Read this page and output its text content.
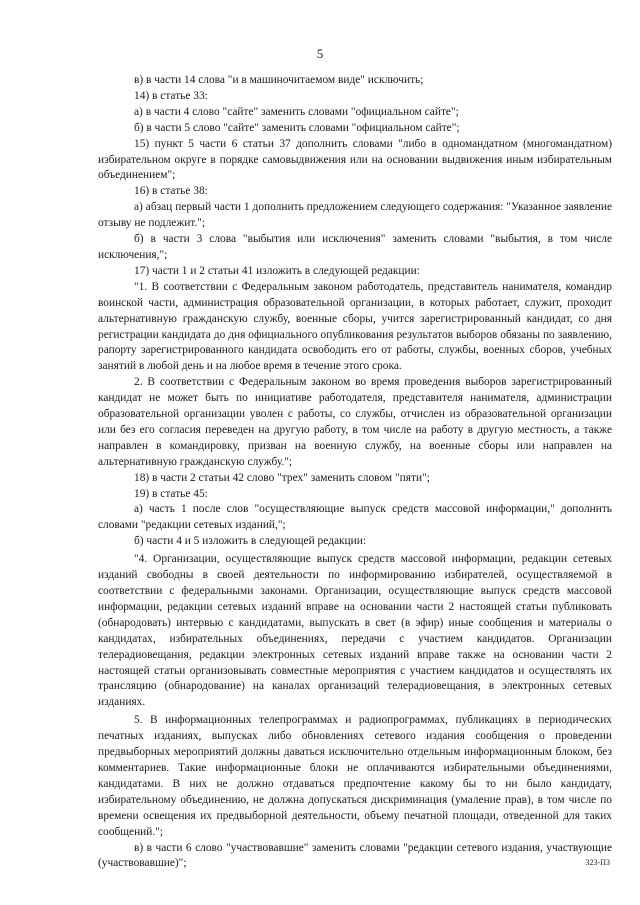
5

в) в части 14 слова "и в машиночитаемом виде" исключить;

14) в статье 33:

а) в части 4 слово "сайте" заменить словами "официальном сайте";

б) в части 5 слово "сайте" заменить словами "официальном сайте";

15) пункт 5 части 6 статьи 37 дополнить словами "либо в одномандатном (многомандатном) избирательном округе в порядке самовыдвижения или на основании выдвижения иным избирательным объединением";

16) в статье 38:

а) абзац первый части 1 дополнить предложением следующего содержания: "Указанное заявление отзыву не подлежит.";

б) в части 3 слова "выбытия или исключения" заменить словами "выбытия, в том числе исключения,";

17) части 1 и 2 статьи 41 изложить в следующей редакции:

"1. В соответствии с Федеральным законом работодатель, представитель нанимателя, командир воинской части, администрация образовательной организации, в которых работает, служит, проходит альтернативную гражданскую службу, военные сборы, учится зарегистрированный кандидат, со дня регистрации кандидата до дня официального опубликования результатов выборов обязаны по заявлению, рапорту зарегистрированного кандидата освободить его от работы, службы, военных сборов, учебных занятий в любой день и на любое время в течение этого срока.

2. В соответствии с Федеральным законом во время проведения выборов зарегистрированный кандидат не может быть по инициативе работодателя, представителя нанимателя, администрации образовательной организации уволен с работы, со службы, отчислен из образовательной организации или без его согласия переведен на другую работу, в том числе на работу в другую местность, а также направлен в командировку, призван на военную службу, на военные сборы или направлен на альтернативную гражданскую службу.";

18) в части 2 статьи 42 слово "трех" заменить словом "пяти";

19) в статье 45:

а) часть 1 после слов "осуществляющие выпуск средств массовой информации," дополнить словами "редакции сетевых изданий,";

б) части 4 и 5 изложить в следующей редакции:

"4. Организации, осуществляющие выпуск средств массовой информации, редакции сетевых изданий свободны в своей деятельности по информированию избирателей, осуществляемой в соответствии с федеральными законами. Организации, осуществляющие выпуск средств массовой информации, редакции сетевых изданий вправе на основании части 2 настоящей статьи публиковать (обнародовать) интервью с кандидатами, выпускать в свет (в эфир) иные сообщения и материалы о кандидатах, избирательных объединениях, передачи с участием кандидатов. Организации телерадиовещания, редакции электронных сетевых изданий вправе также на основании части 2 настоящей статьи организовывать совместные мероприятия с участием кандидатов и осуществлять их трансляцию (обнародование) на каналах организаций телерадиовещания, в электронных сетевых изданиях.

5. В информационных телепрограммах и радиопрограммах, публикациях в периодических печатных изданиях, выпусках либо обновлениях сетевого издания сообщения о проведении предвыборных мероприятий должны даваться исключительно отдельным информационным блоком, без комментариев. Такие информационные блоки не оплачиваются избирательными объединениями, кандидатами. В них не должно отдаваться предпочтение какому бы то ни было кандидату, избирательному объединению, не должна допускаться дискриминация (умаление прав), в том числе по времени освещения их предвыборной деятельности, объему печатной площади, отведенной для таких сообщений.";

в) в части 6 слово "участвовавшие" заменить словами "редакции сетевого издания, участвующие (участвовавшие)";	323-ПЗ
